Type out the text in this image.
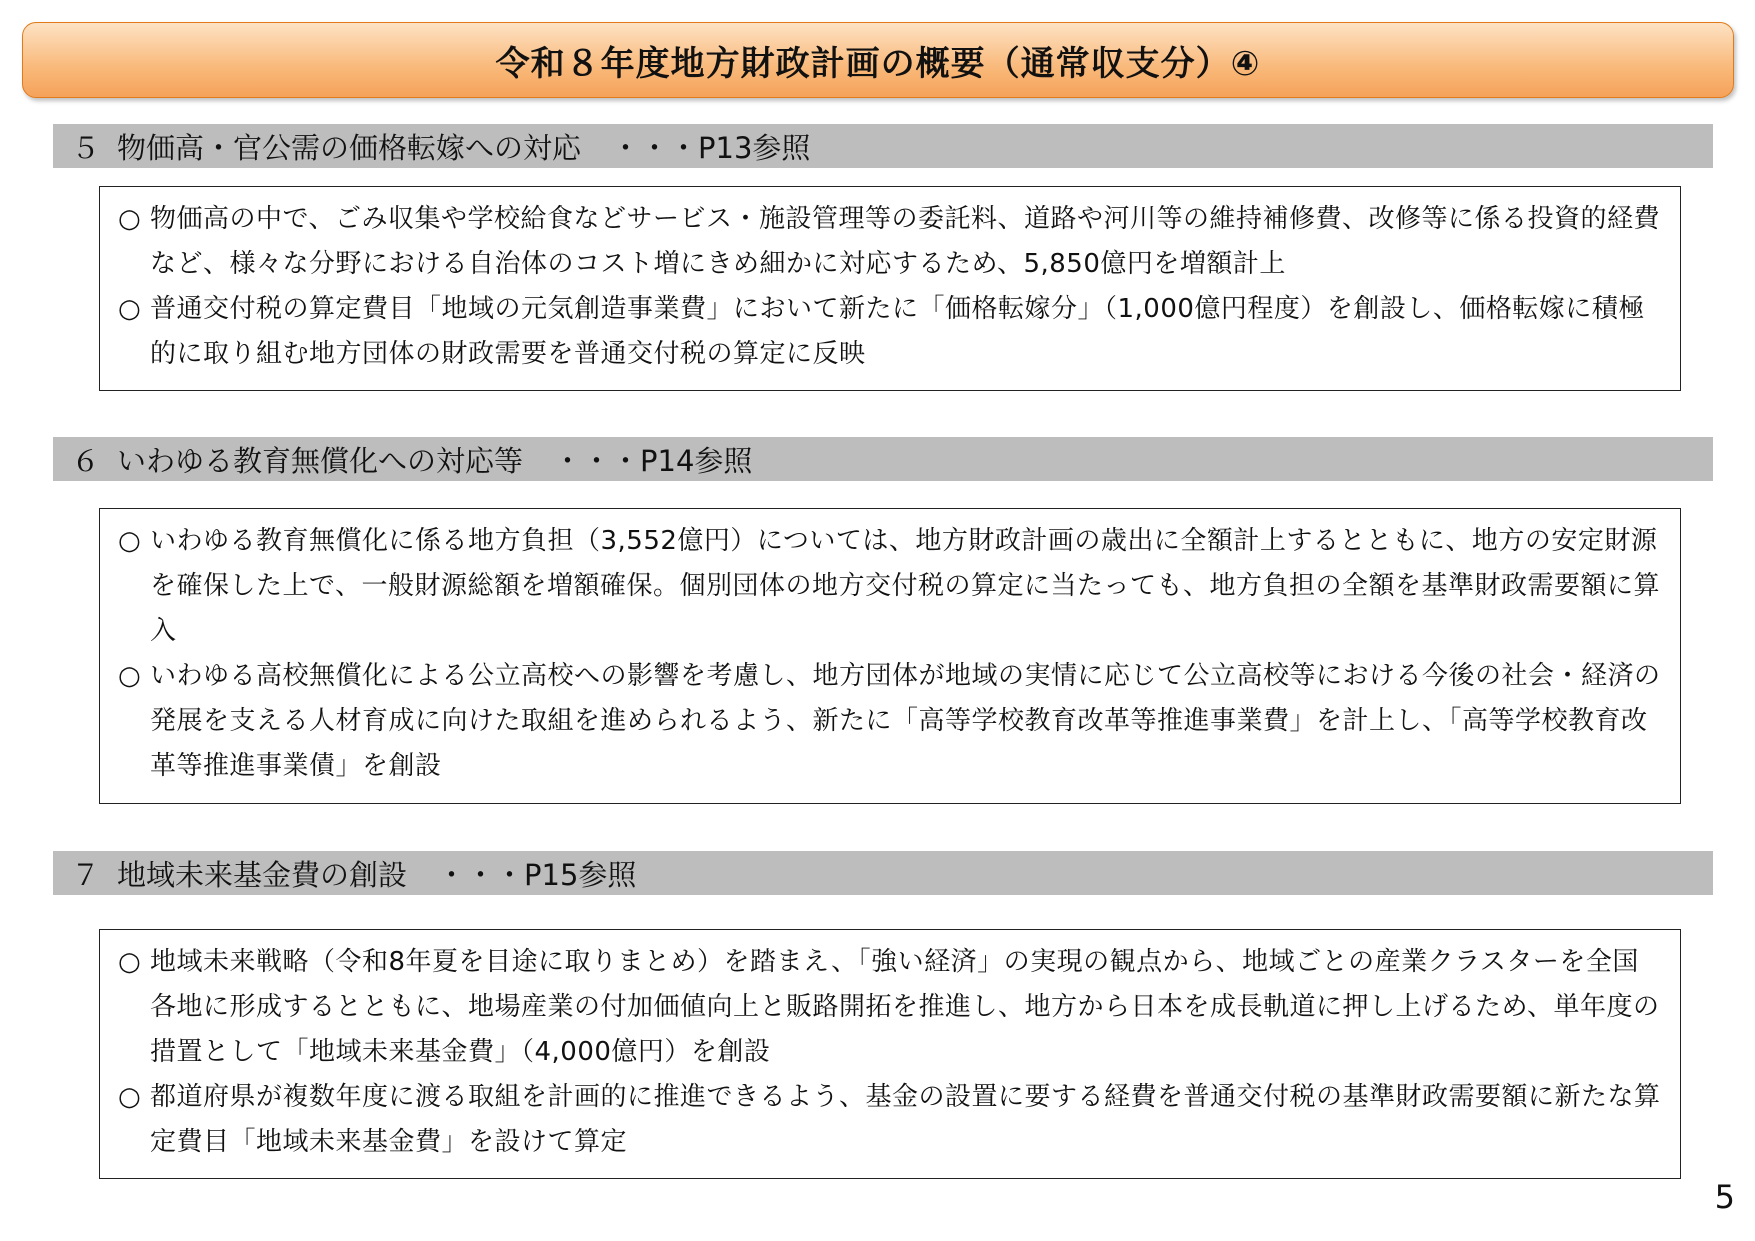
令和８年度地方財政計画の概要（通常収支分）④
５ 物価高・官公需の価格転嫁への対応 ・・・P13参照
○ 物価高の中で、ごみ収集や学校給食などサービス・施設管理等の委託料、道路や河川等の維持補修費、改修等に係る投資的経費など、様々な分野における自治体のコスト増にきめ細かに対応するため、5,850億円を増額計上
○ 普通交付税の算定費目「地域の元気創造事業費」において新たに「価格転嫁分」（1,000億円程度）を創設し、価格転嫁に積極的に取り組む地方団体の財政需要を普通交付税の算定に反映
６ いわゆる教育無償化への対応等 ・・・P14参照
○ いわゆる教育無償化に係る地方負担（3,552億円）については、地方財政計画の歳出に全額計上するとともに、地方の安定財源を確保した上で、一般財源総額を増額確保。個別団体の地方交付税の算定に当たっても、地方負担の全額を基準財政需要額に算入
○ いわゆる高校無償化による公立高校への影響を考慮し、地方団体が地域の実情に応じて公立高校等における今後の社会・経済の発展を支える人材育成に向けた取組を進められるよう、新たに「高等学校教育改革等推進事業費」を計上し、「高等学校教育改革等推進事業債」を創設
７ 地域未来基金費の創設 ・・・P15参照
○ 地域未来戦略（令和8年夏を目途に取りまとめ）を踏まえ、「強い経済」の実現の観点から、地域ごとの産業クラスターを全国各地に形成するとともに、地場産業の付加価値向上と販路開拓を推進し、地方から日本を成長軌道に押し上げるため、単年度の措置として「地域未来基金費」（4,000億円）を創設
○ 都道府県が複数年度に渡る取組を計画的に推進できるよう、基金の設置に要する経費を普通交付税の基準財政需要額に新たな算定費目「地域未来基金費」を設けて算定
5
